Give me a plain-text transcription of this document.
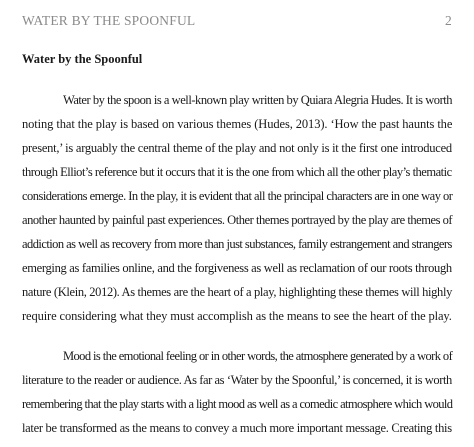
WATER BY THE SPOONFUL	2
Water by the Spoonful
Water by the spoon is a well-known play written by Quiara Alegria Hudes. It is worth
noting that the play is based on various themes (Hudes, 2013). ‘How the past haunts the
present,’ is arguably the central theme of the play and not only is it the first one introduced
through Elliot’s reference but it occurs that it is the one from which all the other play’s thematic
considerations emerge. In the play, it is evident that all the principal characters are in one way or
another haunted by painful past experiences. Other themes portrayed by the play are themes of
addiction as well as recovery from more than just substances, family estrangement and strangers
emerging as families online, and the forgiveness as well as reclamation of our roots through
nature (Klein, 2012). As themes are the heart of a play, highlighting these themes will highly
require considering what they must accomplish as the means to see the heart of the play.
Mood is the emotional feeling or in other words, the atmosphere generated by a work of
literature to the reader or audience. As far as ‘Water by the Spoonful,’ is concerned, it is worth
remembering that the play starts with a light mood as well as a comedic atmosphere which would
later be transformed as the means to convey a much more important message. Creating this
